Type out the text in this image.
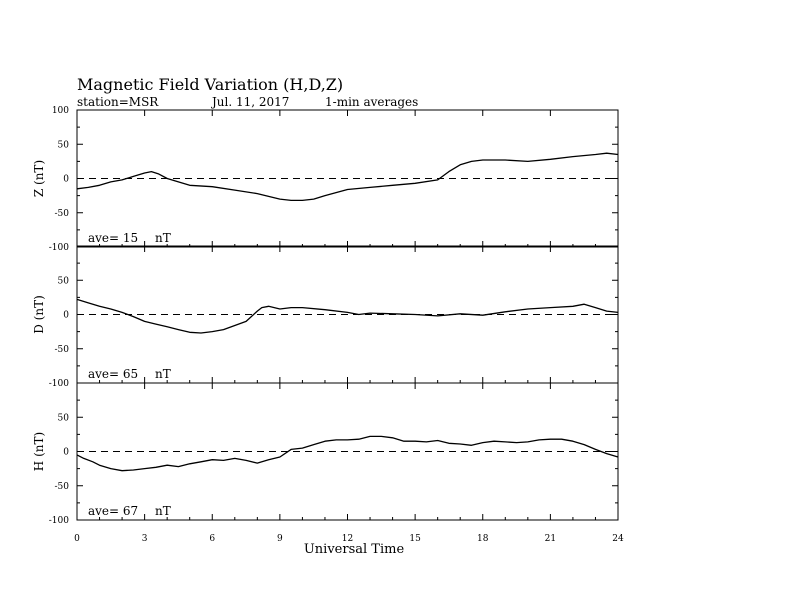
Magnetic Field Variation (H,D,Z)
station=MSR	Jul. 11, 2017	1-min averages
100
50
0
-50
-100
Z (nT)
ave= 15 nT
50
0
-50
-100
D (nT)
ave= 65 nT
50
0
-50
-100
H (nT)
ave= 67 nT
0	3	6	9	12	15	18	21	24
Universal Time
